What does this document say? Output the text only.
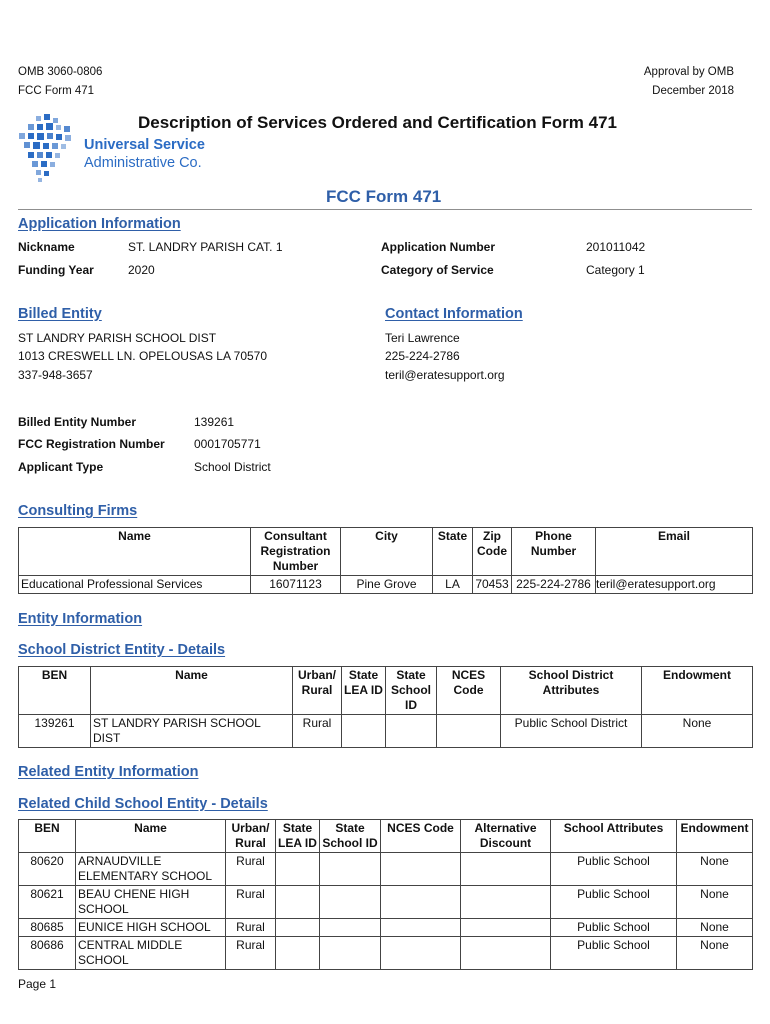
OMB 3060-0806
FCC Form 471
Approval by OMB
December 2018
Description of Services Ordered and Certification Form 471
Universal Service
Administrative Co.
FCC Form 471
Application Information
Nickname	ST. LANDRY PARISH CAT. 1
Funding Year	2020
Application Number	201011042
Category of Service	Category 1
Billed Entity
ST LANDRY PARISH SCHOOL DIST
1013 CRESWELL LN. OPELOUSAS LA 70570
337-948-3657
Contact Information
Teri Lawrence
225-224-2786
teril@eratesupport.org
Billed Entity Number	139261
FCC Registration Number 0001705771
Applicant Type	School District
Consulting Firms
Name	Consultant Registration Number	City	State	Zip Code	Phone Number	Email
Educational Professional Services	16071123	Pine Grove	LA	70453	225-224-2786	teril@eratesupport.org
Entity Information
School District Entity - Details
BEN	Name	Urban/ Rural	State LEA ID	State School ID	NCES Code	School District Attributes	Endowment
139261	ST LANDRY PARISH SCHOOL DIST	Rural				Public School District	None
Related Entity Information
Related Child School Entity - Details
BEN	Name	Urban/ Rural	State LEA ID	State School ID	NCES Code	Alternative Discount	School Attributes	Endowment
80620	ARNAUDVILLE ELEMENTARY SCHOOL	Rural					Public School	None
80621	BEAU CHENE HIGH SCHOOL	Rural					Public School	None
80685	EUNICE HIGH SCHOOL	Rural					Public School	None
80686	CENTRAL MIDDLE SCHOOL	Rural					Public School	None
Page 1
